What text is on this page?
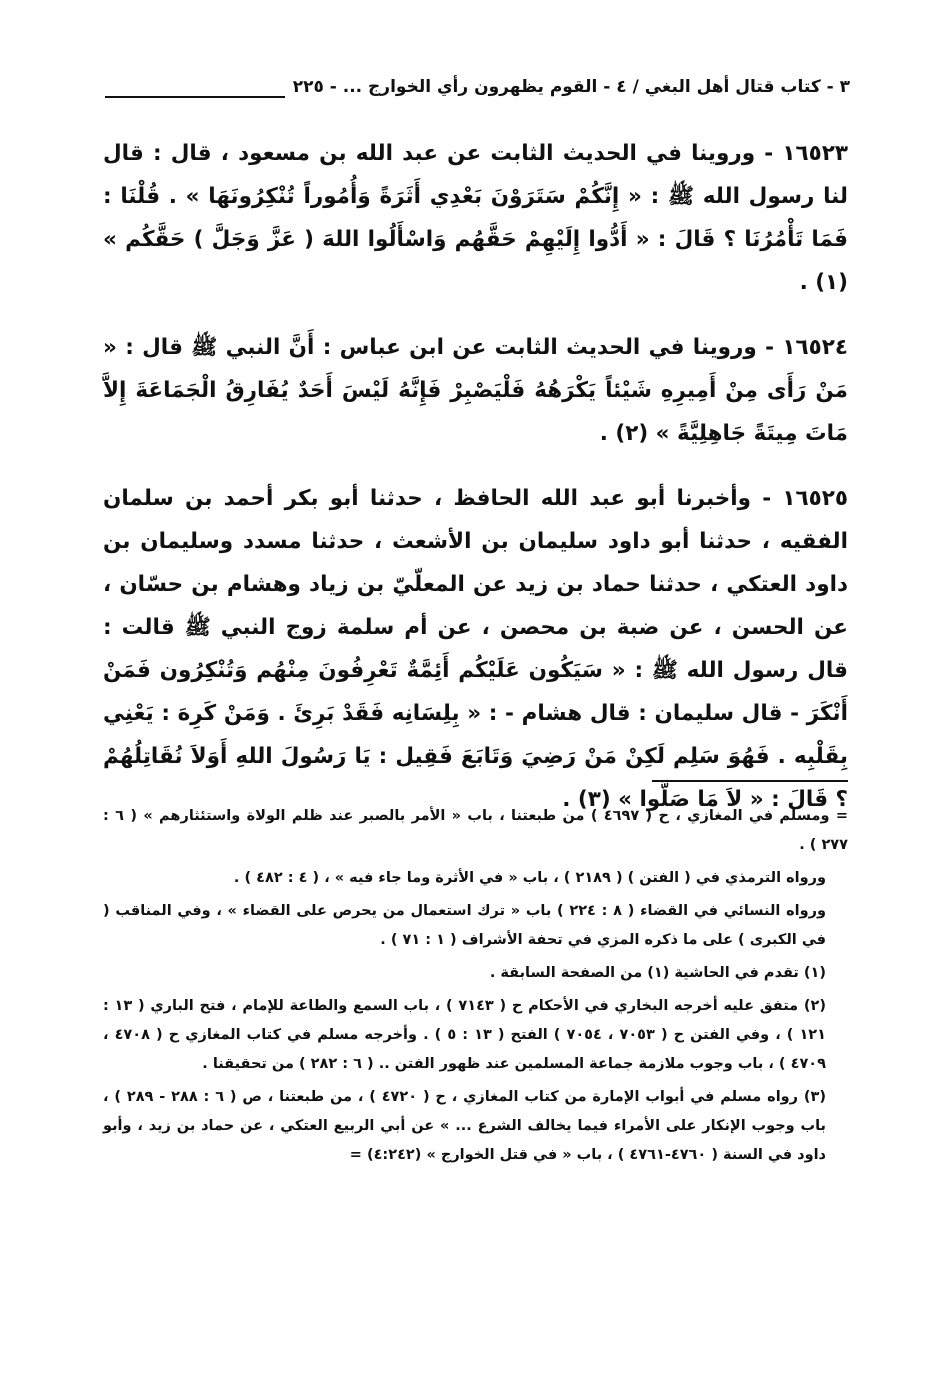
٣ - كتاب قتال أهل البغي / ٤ - القوم يظهرون رأي الخوارج ... - ٢٢٥

١٦٥٢٣ - وروينا في الحديث الثابت عن عبد الله بن مسعود ، قال : قال لنا رسول الله ﷺ : « إِنَّكُمْ سَتَرَوْنَ بَعْدِي أَثَرَةً وَأُمُوراً تُنْكِرُونَهَا » . قُلْنَا : فَمَا تَأْمُرُنَا ؟ قَالَ : « أَدُّوا إِلَيْهِمْ حَقَّهُم وَاسْأَلُوا اللهَ ( عَزَّ وَجَلَّ ) حَقَّكُم » (١) .

١٦٥٢٤ - وروينا في الحديث الثابت عن ابن عباس : أَنَّ النبي ﷺ قال : « مَنْ رَأَى مِنْ أَمِيرِهِ شَيْئاً يَكْرَهُهُ فَلْيَصْبِرْ فَإِنَّهُ لَيْسَ أَحَدٌ يُفَارِقُ الْجَمَاعَةَ إِلاَّ مَاتَ مِيتَةً جَاهِلِيَّةً » (٢) .

١٦٥٢٥ - وأخبرنا أبو عبد الله الحافظ ، حدثنا أبو بكر أحمد بن سلمان الفقيه ، حدثنا أبو داود سليمان بن الأشعث ، حدثنا مسدد وسليمان بن داود العتكي ، حدثنا حماد بن زيد عن المعلّيّ بن زياد وهشام بن حسّان ، عن الحسن ، عن ضبة بن محصن ، عن أم سلمة زوج النبي ﷺ قالت : قال رسول الله ﷺ : « سَيَكُون عَلَيْكُم أَئِمَّةٌ تَعْرِفُونَ مِنْهُم وَتُنْكِرُون فَمَنْ أَنْكَرَ - قال سليمان : قال هشام - : « بِلِسَانِه فَقَدْ بَرِئَ . وَمَنْ كَرِهَ : يَعْنِي بِقَلْبِه . فَهُوَ سَلِم لَكِنْ مَنْ رَضِيَ وَتَابَعَ فَقِيل : يَا رَسُولَ اللهِ أَوَلاَ نُقَاتِلُهُمْ ؟ قَالَ : « لاَ مَا صَلَّوا » (٣) .

= ومسلم في المغازي ، ح ( ٤٦٩٧ ) من طبعتنا ، باب « الأمر بالصبر عند ظلم الولاة واستئثارهم » ( ٦ : ٢٧٧ ) .

ورواه الترمذي في ( الفتن ) ( ٢١٨٩ ) ، باب « في الأثرة وما جاء فيه » ، ( ٤ : ٤٨٢ ) .

ورواه النسائي في القضاء ( ٨ : ٢٢٤ ) باب « ترك استعمال من يحرص على القضاء » ، وفي المناقب ( في الكبرى ) على ما ذكره المزي في تحفة الأشراف ( ١ : ٧١ ) .

(١) تقدم في الحاشية (١) من الصفحة السابقة .

(٢) متفق عليه أخرجه البخاري في الأحكام ح ( ٧١٤٣ ) ، باب السمع والطاعة للإمام ، فتح الباري ( ١٣ : ١٢١ ) ، وفي الفتن ح ( ٧٠٥٣ ، ٧٠٥٤ ) الفتح ( ١٣ : ٥ ) . وأخرجه مسلم في كتاب المغازي ح ( ٤٧٠٨ ، ٤٧٠٩ ) ، باب وجوب ملازمة جماعة المسلمين عند ظهور الفتن .. ( ٦ : ٢٨٢ ) من تحقيقنا .

(٣) رواه مسلم في أبواب الإمارة من كتاب المغازي ، ح ( ٤٧٢٠ ) ، من طبعتنا ، ص ( ٦ : ٢٨٨ - ٢٨٩ ) ، باب وجوب الإنكار على الأمراء فيما يخالف الشرع ... » عن أبي الربيع العتكي ، عن حماد بن زيد ، وأبو داود في السنة ( ٤٧٦٠-٤٧٦١ ) ، باب « في قتل الخوارج » (٤:٢٤٢) =
